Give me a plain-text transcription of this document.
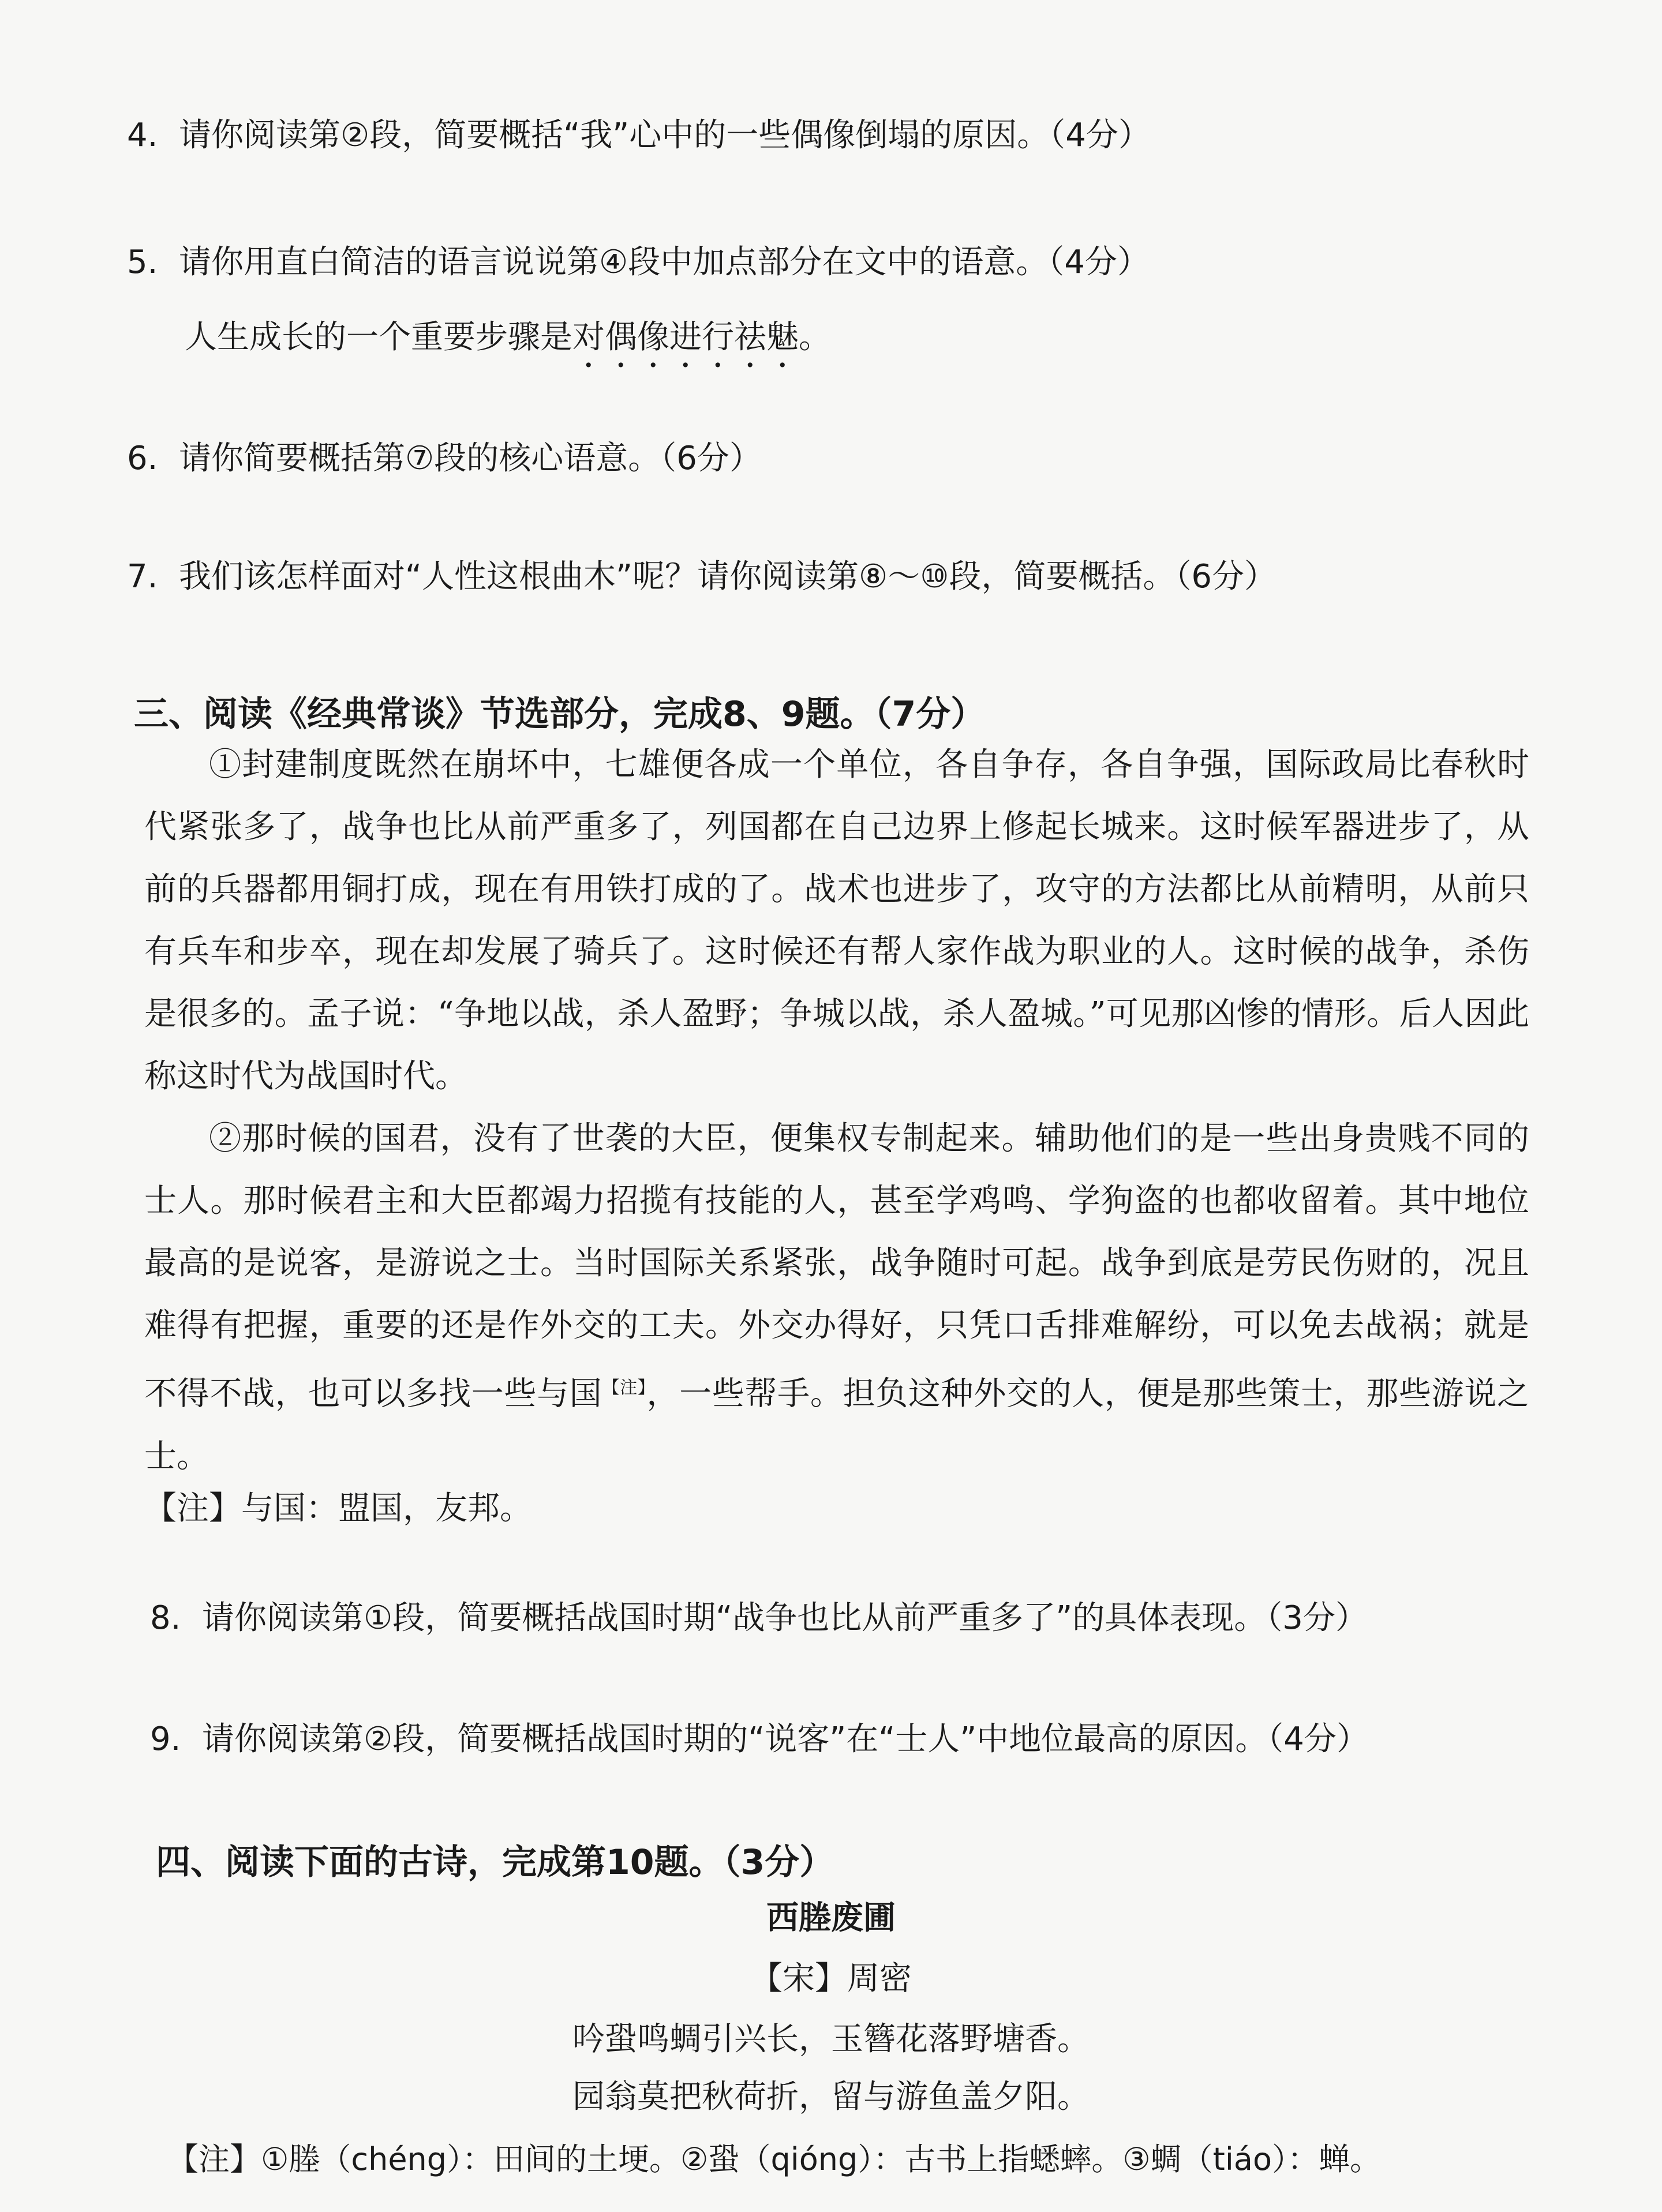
4. 请你阅读第②段，简要概括“我”心中的一些偶像倒塌的原因。（4分）
5. 请你用直白简洁的语言说说第④段中加点部分在文中的语意。（4分）
人生成长的一个重要步骤是对偶像进行祛魅。
6. 请你简要概括第⑦段的核心语意。（6分）
7. 我们该怎样面对“人性这根曲木”呢？请你阅读第⑧～⑩段，简要概括。（6分）
三、阅读《经典常谈》节选部分，完成8、9题。（7分）

①封建制度既然在崩坏中，七雄便各成一个单位，各自争存，各自争强，国际政局比春秋时代紧张多了，战争也比从前严重多了，列国都在自己边界上修起长城来。这时候军器进步了，从前的兵器都用铜打成，现在有用铁打成的了。战术也进步了，攻守的方法都比从前精明，从前只有兵车和步卒，现在却发展了骑兵了。这时候还有帮人家作战为职业的人。这时候的战争，杀伤是很多的。孟子说：“争地以战，杀人盈野；争城以战，杀人盈城。”可见那凶惨的情形。后人因此称这时代为战国时代。

②那时候的国君，没有了世袭的大臣，便集权专制起来。辅助他们的是一些出身贵贱不同的士人。那时候君主和大臣都竭力招揽有技能的人，甚至学鸡鸣、学狗盗的也都收留着。其中地位最高的是说客，是游说之士。当时国际关系紧张，战争随时可起。战争到底是劳民伤财的，况且难得有把握，重要的还是作外交的工夫。外交办得好，只凭口舌排难解纷，可以免去战祸；就是不得不战，也可以多找一些与国$^{【注】}$，一些帮手。担负这种外交的人，便是那些策士，那些游说之士。

【注】与国：盟国，友邦。
8. 请你阅读第①段，简要概括战国时期“战争也比从前严重多了”的具体表现。（3分）
9. 请你阅读第②段，简要概括战国时期的“说客”在“士人”中地位最高的原因。（4分）
四、阅读下面的古诗，完成第10题。（3分）
西塍废圃
【宋】周密
吟蛩鸣蜩引兴长，玉簪花落野塘香。
园翁莫把秋荷折，留与游鱼盖夕阳。
【注】①塍（chéng）：田间的土埂。②蛩（qióng）：古书上指蟋蟀。③蜩（tiáo）：蝉。
